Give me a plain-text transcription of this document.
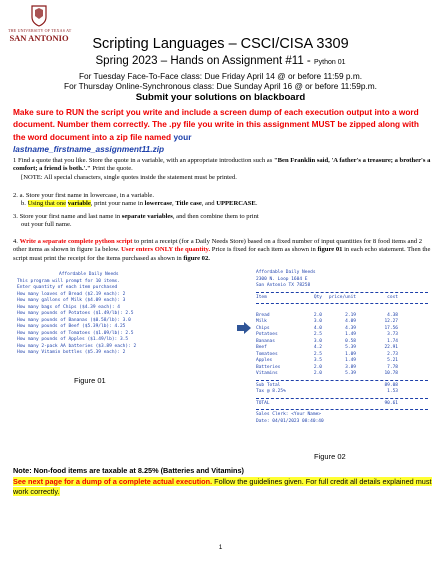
THE UNIVERSITY OF TEXAS AT
SAN ANTONIO	Scripting Languages – CSCI/CISA 3309
Spring 2023 – Hands on Assignment #11 - Python 01
For Tuesday Face-To-Face class: Due Friday April 14 @ or before 11:59 p.m.
For Thursday Online-Synchronous class: Due Sunday April 16 @ or before 11:59p.m.
Submit your solutions on blackboard
Make sure to RUN the script you write and include a screen dump of each execution output into a word document. Number them correctly. The .py file you write in this assignment MUST be zipped along with the word document into a zip file named your
lastname_firstname_assignment11.zip
1 Find a quote that you like. Store the quote in a variable, with an appropriate introduction such as "Ben Franklin said, 'A father's a treasure; a brother's a comfort; a friend is both.'." Print the quote.

[NOTE: All special characters, single quotes inside the statement must be printed.
2. a. Store your first name in lowercase, in a variable.

b. Using that one variable, print your name in lowercase, Title case, and UPPERCASE.
3. Store your first name and last name in separate variables, and then combine them to print

out your full name.
4. Write a separate complete python script to print a receipt (for a Daily Needs Store) based on a fixed number of input quantities for 8 food items and 2 other items as shown in figure 1a below. User enters ONLY the quantity. Price is fixed for each item as shown in figure 01 in each echo statement. Then the script must print the receipt for the items purchased as shown in figure 02.
Affordable Daily Needs
This program will prompt for 10 items.
Enter quantity of each item purchased
How many loaves of Bread ($2.19 each): 2
How many gallons of Milk ($4.09 each): 3
How many bags of Chips ($4.39 each): 4
How many pounds of Potatoes ($1.49/lb): 2.5
How many pounds of Bananas ($0.58/lb): 3.0
How many pounds of Beef ($5.39/lb): 4.25
How many pounds of Tomatoes ($1.09/lb): 2.5
How many pounds of Apples ($1.49/lb): 3.5
How many 2-pack AA batteries ($3.89 each): 2
How many Vitamin bottles ($5.39 each): 2
Figure 01
Affordable Daily Needs
2300 N. Loop 1604 E
San Antonio TX 78258
Item	Qty	price/unit	cost
Bread	2.0	2.19	4.38
Milk	3.0	4.09	12.27
Chips	4.0	4.39	17.56
Potatoes	2.5	1.49	3.73
Bananas	3.0	0.58	1.74
Beef	4.2	5.39	22.91
Tomatoes	2.5	1.09	2.73
Apples	3.5	1.49	5.21
Batteries	2.0	3.89	7.78
Vitamins	2.0	5.39	10.78
Sub Total	89.08
Tax @ 8.25%	1.53
TOTAL	90.61
Sales Clerk: <Your Name>
Date: 04/01/2023 08:40:40
Figure 02
Note: Non-food items are taxable at 8.25% (Batteries and Vitamins)
See next page for a dump of a complete actual execution. Follow the guidelines given. For full credit all details explained must work correctly.
1
